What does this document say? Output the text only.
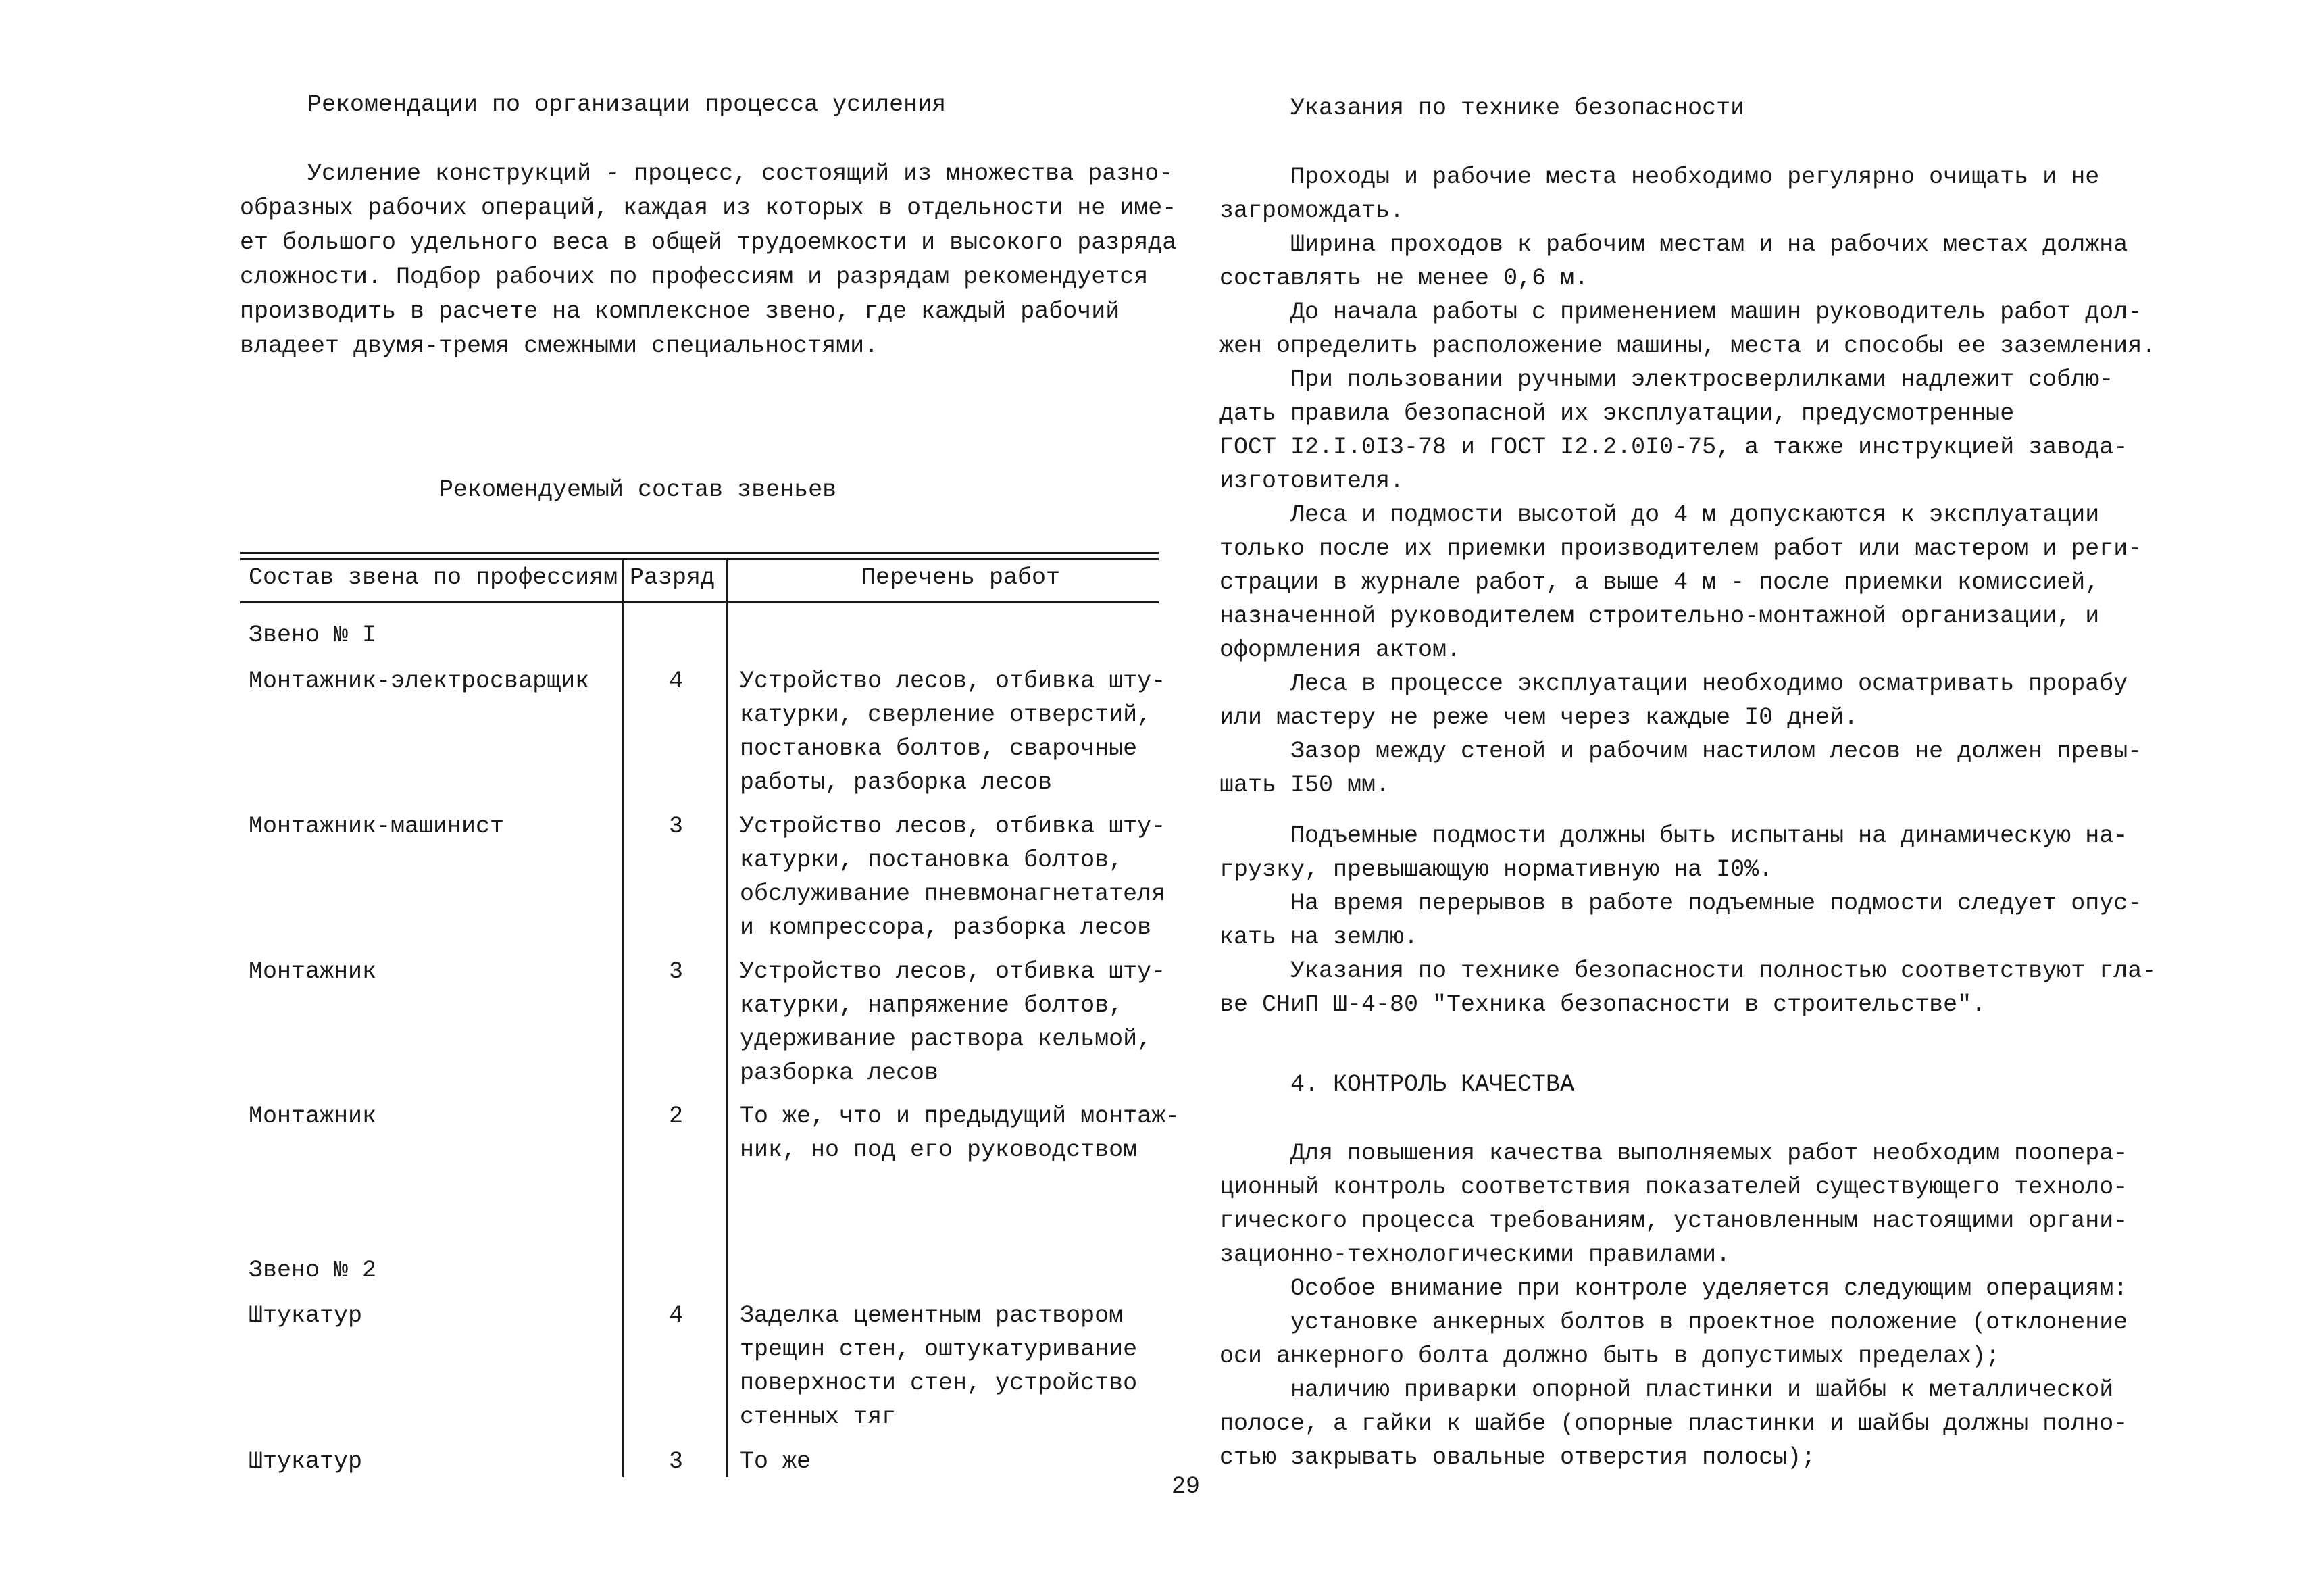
Рекомендации по организации процесса усиления
Усиление конструкций - процесс, состоящий из множества разно-
образных рабочих операций, каждая из которых в отдельности не име-
ет большого удельного веса в общей трудоемкости и высокого разряда
сложности. Подбор рабочих по профессиям и разрядам рекомендуется
производить в расчете на комплексное звено, где каждый рабочий
владеет двумя-тремя смежными специальностями.
Рекомендуемый состав звеньев
Состав звена по профессиям Разряд	Перечень работ
Звено № I
Монтажник-электросварщик	4 Устройство лесов, отбивка шту-
катурки, сверление отверстий,
постановка болтов, сварочные
работы, разборка лесов
Монтажник-машинист	3 Устройство лесов, отбивка шту-
катурки, постановка болтов,
обслуживание пневмонагнетателя
и компрессора, разборка лесов
Монтажник	3 Устройство лесов, отбивка шту-
катурки, напряжение болтов,
удерживание раствора кельмой,
разборка лесов
Монтажник	2 То же, что и предыдущий монтаж-
ник, но под его руководством
Звено № 2
Штукатур	4 Заделка цементным раствором
трещин стен, оштукатуривание
поверхности стен, устройство
стенных тяг
Штукатур	3 То же
Указания по технике безопасности
Проходы и рабочие места необходимо регулярно очищать и не
загромождать.
Ширина проходов к рабочим местам и на рабочих местах должна
составлять не менее 0,6 м.
До начала работы с применением машин руководитель работ дол-
жен определить расположение машины, места и способы ее заземления.
При пользовании ручными электросверлилками надлежит соблю-
дать правила безопасной их эксплуатации, предусмотренные
ГОСТ I2.I.0I3-78 и ГОСТ I2.2.0I0-75, а также инструкцией завода-
изготовителя.
Леса и подмости высотой до 4 м допускаются к эксплуатации
только после их приемки производителем работ или мастером и реги-
страции в журнале работ, а выше 4 м - после приемки комиссией,
назначенной руководителем строительно-монтажной организации, и
оформления актом.
Леса в процессе эксплуатации необходимо осматривать прорабу
или мастеру не реже чем через каждые I0 дней.
Зазор между стеной и рабочим настилом лесов не должен превы-
шать I50 мм.
Подъемные подмости должны быть испытаны на динамическую на-
грузку, превышающую нормативную на I0%.
На время перерывов в работе подъемные подмости следует опус-
кать на землю.
Указания по технике безопасности полностью соответствуют гла-
ве СНиП Ш-4-80 "Техника безопасности в строительстве".
4. КОНТРОЛЬ КАЧЕСТВА
Для повышения качества выполняемых работ необходим поопера-
ционный контроль соответствия показателей существующего техноло-
гического процесса требованиям, установленным настоящими органи-
зационно-технологическими правилами.
Особое внимание при контроле уделяется следующим операциям:
установке анкерных болтов в проектное положение (отклонение
оси анкерного болта должно быть в допустимых пределах);
наличию приварки опорной пластинки и шайбы к металлической
полосе, а гайки к шайбе (опорные пластинки и шайбы должны полно-
стью закрывать овальные отверстия полосы);
29
